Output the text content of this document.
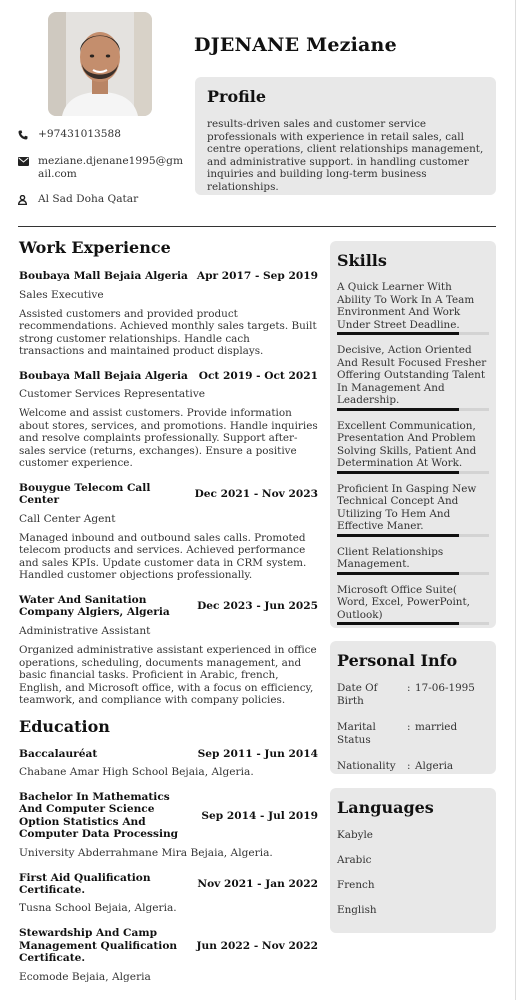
DJENANE Meziane
Profile
results-driven sales and customer service professionals with experience in retail sales, call centre operations, client relationships management, and administrative support. in handling customer inquiries and building long-term business relationships.
+97431013588
meziane.djenane1995@gmail.com
Al Sad Doha Qatar
Work Experience
Boubaya Mall Bejaia Algeria Apr 2017 - Sep 2019
Sales Executive
Assisted customers and provided product recommendations. Achieved monthly sales targets. Built strong customer relationships. Handle cach transactions and maintained product displays.
Boubaya Mall Bejaia Algeria Oct 2019 - Oct 2021
Customer Services Representative
Welcome and assist customers. Provide information about stores, services, and promotions. Handle inquiries and resolve complaints professionally. Support after-sales service (returns, exchanges). Ensure a positive customer experience.
Bouygue Telecom Call Center
Dec 2021 - Nov 2023
Call Center Agent
Managed inbound and outbound sales calls. Promoted telecom products and services. Achieved performance and sales KPIs. Update customer data in CRM system. Handled customer objections professionally.
Water And Sanitation Company Algiers, Algeria
Dec 2023 - Jun 2025
Administrative Assistant
Organized administrative assistant experienced in office operations, scheduling, documents management, and basic financial tasks. Proficient in Arabic, french, English, and Microsoft office, with a focus on efficiency, teamwork, and compliance with company policies.
Education
Baccalauréat	Sep 2011 - Jun 2014
Chabane Amar High School Bejaia, Algeria.
Bachelor In Mathematics And Computer Science Option Statistics And Computer Data Processing
Sep 2014 - Jul 2019
University Abderrahmane Mira Bejaia, Algeria.
First Aid Qualification Certificate.
Nov 2021 - Jan 2022
Tusna School Bejaia, Algeria.
Stewardship And Camp Management Qualification Certificate.
Jun 2022 - Nov 2022
Ecomode Bejaia, Algeria
Skills
A Quick Learner With Ability To Work In A Team Environment And Work Under Street Deadline.
Decisive, Action Oriented And Result Focused Fresher Offering Outstanding Talent In Management And Leadership.
Excellent Communication, Presentation And Problem Solving Skills, Patient And Determination At Work.
Proficient In Gasping New Technical Concept And Utilizing To Hem And Effective Maner.
Client Relationships Management.
Microsoft Office Suite( Word, Excel, PowerPoint, Outlook)
Personal Info
Date Of Birth
: 17-06-1995
Marital Status
: married
Nationality	: Algeria
Languages
Kabyle
Arabic
French
English
